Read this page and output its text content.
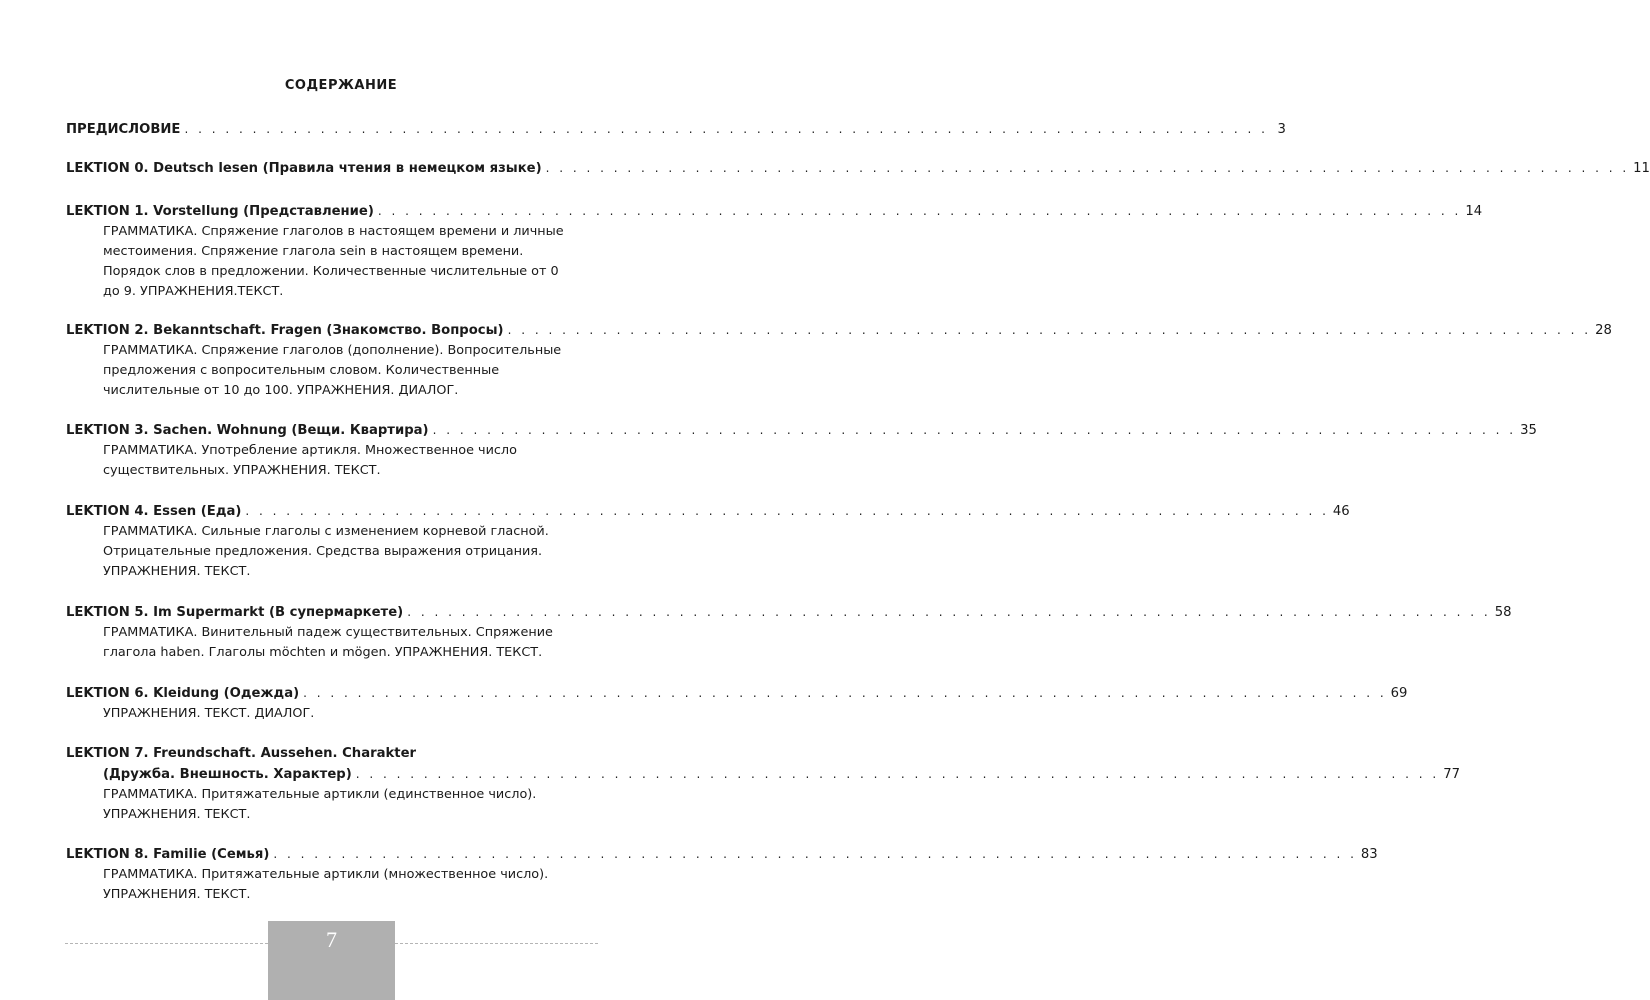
СОДЕРЖАНИЕ
ПРЕДИСЛОВИЕ . . . . . . . . . . . . . . . . . . . . . . . . . . . . . . . . . . . . . . . . . . . . . . . . . . . . . . . . . . . . . . . . . . . . . . . . . . . . . . . . 3
LEKTION 0. Deutsch lesen (Правила чтения в немецком языке) . . . . . . . . . . . . . . . . . . . . . . . . . . . . . . . . . . . . . . . . . . . . . . . . . . . . . . . . . . . . . . . . . . . . . . . . . . . . . . . . 11
LEKTION 1. Vorstellung (Представление) . . . . . . . . . . . . . . . . . . . . . . . . . . . . . . . . . . . . . . . . . . . . . . . . . . . . . . . . . . . . . . . . . . . . . . . . . . . . . . . . 14
ГРАММАТИКА. Спряжение глаголов в настоящем времени и личные местоимения. Спряжение глагола sein в настоящем времени. Порядок слов в предложении. Количественные числительные от 0 до 9. УПРАЖНЕНИЯ.ТЕКСТ.
LEKTION 2. Bekanntschaft. Fragen (Знакомство. Вопросы) . . . . . . . . . . . . . . . . . . . . . . . . . . . . . . . . . . . . . . . . . . . . . . . . . . . . . . . . . . . . . . . . . . . . . . . . . . . . . . . . 28
ГРАММАТИКА. Спряжение глаголов (дополнение). Вопросительные предложения с вопросительным словом. Количественные числительные от 10 до 100. УПРАЖНЕНИЯ. ДИАЛОГ.
LEKTION 3. Sachen. Wohnung (Вещи. Квартира) . . . . . . . . . . . . . . . . . . . . . . . . . . . . . . . . . . . . . . . . . . . . . . . . . . . . . . . . . . . . . . . . . . . . . . . . . . . . . . . . 35
ГРАММАТИКА. Употребление артикля. Множественное число существительных. УПРАЖНЕНИЯ. ТЕКСТ.
LEKTION 4. Essen (Еда) . . . . . . . . . . . . . . . . . . . . . . . . . . . . . . . . . . . . . . . . . . . . . . . . . . . . . . . . . . . . . . . . . . . . . . . . . . . . . . . . 46
ГРАММАТИКА. Сильные глаголы с изменением корневой гласной. Отрицательные предложения. Средства выражения отрицания. УПРАЖНЕНИЯ. ТЕКСТ.
LEKTION 5. Im Supermarkt (В супермаркете) . . . . . . . . . . . . . . . . . . . . . . . . . . . . . . . . . . . . . . . . . . . . . . . . . . . . . . . . . . . . . . . . . . . . . . . . . . . . . . . . 58
ГРАММАТИКА. Винительный падеж существительных. Спряжение глагола haben. Глаголы möchten и mögen. УПРАЖНЕНИЯ. ТЕКСТ.
LEKTION 6. Kleidung (Одежда) . . . . . . . . . . . . . . . . . . . . . . . . . . . . . . . . . . . . . . . . . . . . . . . . . . . . . . . . . . . . . . . . . . . . . . . . . . . . . . . . 69
УПРАЖНЕНИЯ. ТЕКСТ. ДИАЛОГ.
LEKTION 7. Freundschaft. Aussehen. Charakter
(Дружба. Внешность. Характер) . . . . . . . . . . . . . . . . . . . . . . . . . . . . . . . . . . . . . . . . . . . . . . . . . . . . . . . . . . . . . . . . . . . . . . . . . . . . . . . . 77
ГРАММАТИКА. Притяжательные артикли (единственное число). УПРАЖНЕНИЯ. ТЕКСТ.
LEKTION 8. Familie (Семья) . . . . . . . . . . . . . . . . . . . . . . . . . . . . . . . . . . . . . . . . . . . . . . . . . . . . . . . . . . . . . . . . . . . . . . . . . . . . . . . . 83
ГРАММАТИКА. Притяжательные артикли (множественное число). УПРАЖНЕНИЯ. ТЕКСТ.
7
